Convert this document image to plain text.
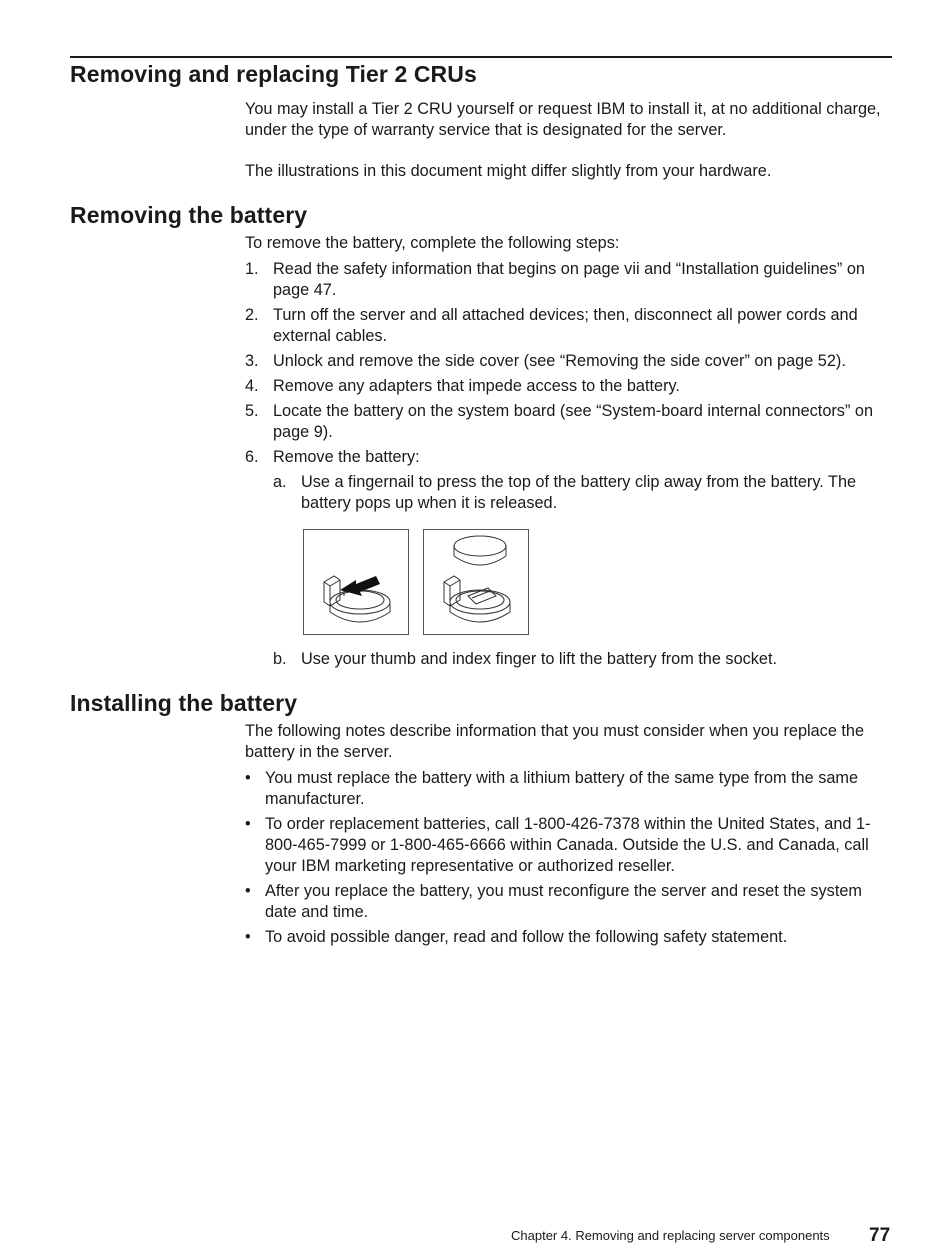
Removing and replacing Tier 2 CRUs

You may install a Tier 2 CRU yourself or request IBM to install it, at no additional charge, under the type of warranty service that is designated for the server.

The illustrations in this document might differ slightly from your hardware.

Removing the battery

To remove the battery, complete the following steps:

1. Read the safety information that begins on page vii and “Installation guidelines” on page 47.
2. Turn off the server and all attached devices; then, disconnect all power cords and external cables.
3. Unlock and remove the side cover (see “Removing the side cover” on page 52).
4. Remove any adapters that impede access to the battery.
5. Locate the battery on the system board (see “System-board internal connectors” on page 9).
6. Remove the battery:
a. Use a fingernail to press the top of the battery clip away from the battery. The battery pops up when it is released.
b. Use your thumb and index finger to lift the battery from the socket.
Installing the battery

The following notes describe information that you must consider when you replace the battery in the server.

• You must replace the battery with a lithium battery of the same type from the same manufacturer.
• To order replacement batteries, call 1-800-426-7378 within the United States, and 1-800-465-7999 or 1-800-465-6666 within Canada. Outside the U.S. and Canada, call your IBM marketing representative or authorized reseller.
• After you replace the battery, you must reconfigure the server and reset the system date and time.
• To avoid possible danger, read and follow the following safety statement.
Chapter 4. Removing and replacing server components 77
